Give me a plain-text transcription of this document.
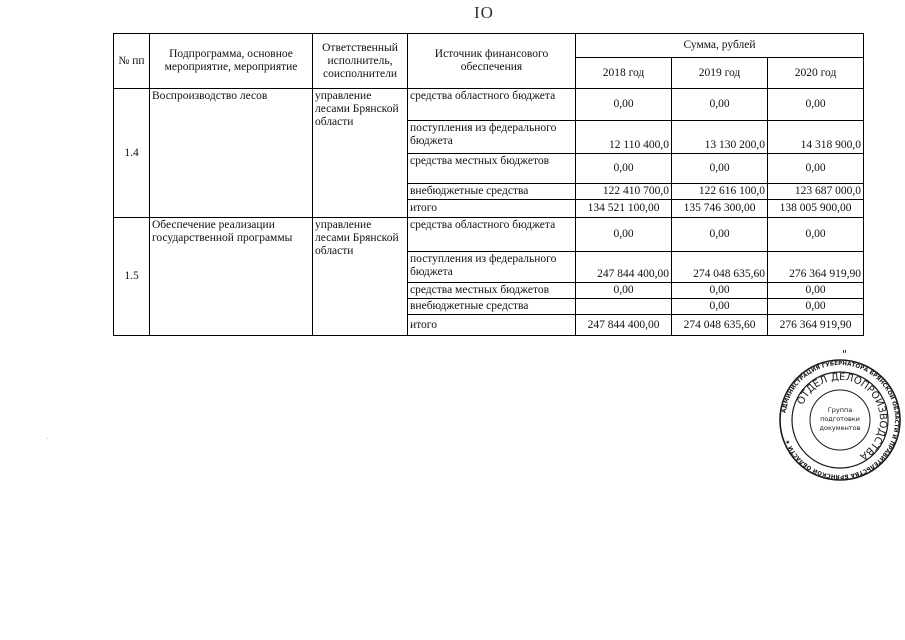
IO
№ пп	Подпрограмма, основное мероприятие, мероприятие	Ответственный исполнитель, соисполнители	Источник финансового обеспечения	Сумма, рублей		
				2018 год	2019 год	2020 год
1.4	Воспроизводство лесов	управление лесами Брянской области	средства областного бюджета	0,00	0,00	0,00
			поступления из федерального бюджета	12 110 400,0	13 130 200,0	14 318 900,0
			средства местных бюджетов	0,00	0,00	0,00
			внебюджетные средства	122 410 700,0	122 616 100,0	123 687 000,0
			итого	134 521 100,00	135 746 300,00	138 005 900,00
1.5	Обеспечение реализации государственной программы	управление лесами Брянской области	средства областного бюджета	0,00	0,00	0,00
			поступления из федерального бюджета	247 844 400,00	274 048 635,60	276 364 919,90
			средства местных бюджетов	0,00	0,00	0,00
			внебюджетные средства		0,00	0,00
			итого	247 844 400,00	274 048 635,60	276 364 919,90
"
·
АДМИНИСТРАЦИЯ ГУБЕРНАТОРА БРЯНСКОЙ ОБЛАСТИ И ПРАВИТЕЛЬСТВА БРЯНСКОЙ ОБЛАСТИ ★
ОТДЕЛ ДЕЛОПРОИЗВОДСТВА
Группа
подготовки
документов
